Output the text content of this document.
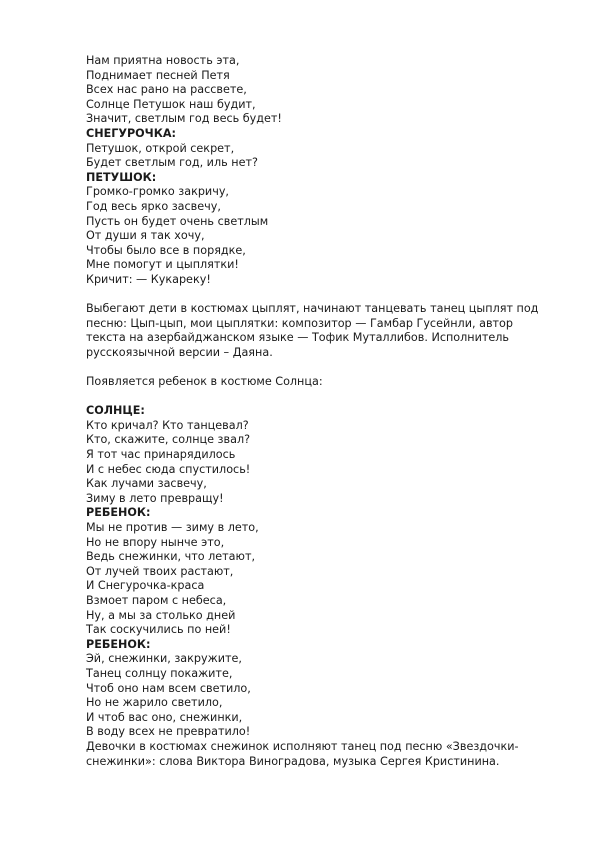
Нам приятна новость эта,
Поднимает песней Петя
Всех нас рано на рассвете,
Солнце Петушок наш будит,
Значит, светлым год весь будет!
СНЕГУРОЧКА:
Петушок, открой секрет,
Будет светлым год, иль нет?
ПЕТУШОК:
Громко-громко закричу,
Год весь ярко засвечу,
Пусть он будет очень светлым
От души я так хочу,
Чтобы было все в порядке,
Мне помогут и цыплятки!
Кричит: — Кукареку!
Выбегают дети в костюмах цыплят, начинают танцевать танец цыплят под песню: Цып-цып, мои цыплятки: композитор — Гамбар Гусейнли, автор текста на азербайджанском языке — Тофик Муталлибов. Исполнитель русскоязычной версии – Даяна.
Появляется ребенок в костюме Солнца:
СОЛНЦЕ:
Кто кричал? Кто танцевал?
Кто, скажите, солнце звал?
Я тот час принарядилось
И с небес сюда спустилось!
Как лучами засвечу,
Зиму в лето превращу!
РЕБЕНОК:
Мы не против — зиму в лето,
Но не впору нынче это,
Ведь снежинки, что летают,
От лучей твоих растают,
И Снегурочка-краса
Взмоет паром с небеса,
Ну, а мы за столько дней
Так соскучились по ней!
РЕБЕНОК:
Эй, снежинки, закружите,
Танец солнцу покажите,
Чтоб оно нам всем светило,
Но не жарило светило,
И чтоб вас оно, снежинки,
В воду всех не превратило!
Девочки в костюмах снежинок исполняют танец под песню «Звездочки-снежинки»: слова Виктора Виноградова, музыка Сергея Кристинина.
